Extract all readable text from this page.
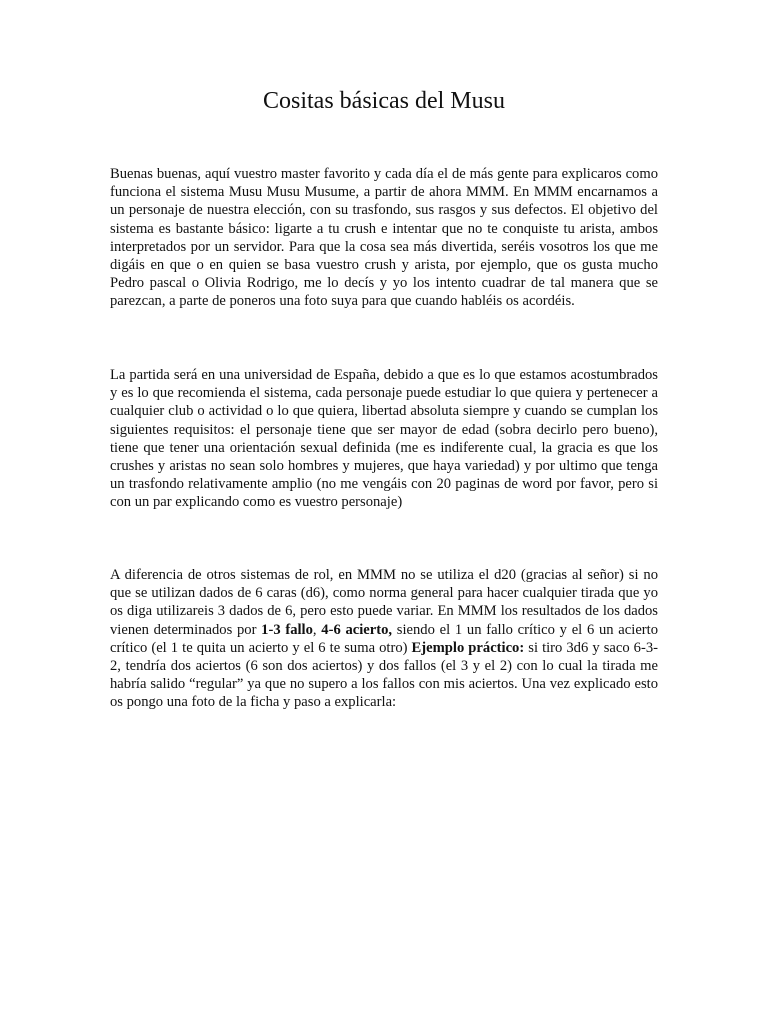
Cositas básicas del Musu

Buenas buenas, aquí vuestro master favorito y cada día el de más gente para explicaros como funciona el sistema Musu Musu Musume, a partir de ahora MMM. En MMM encarnamos a un personaje de nuestra elección, con su trasfondo, sus rasgos y sus defectos. El objetivo del sistema es bastante básico: ligarte a tu crush e intentar que no te conquiste tu arista, ambos interpretados por un servidor. Para que la cosa sea más divertida, seréis vosotros los que me digáis en que o en quien se basa vuestro crush y arista, por ejemplo, que os gusta mucho Pedro pascal o Olivia Rodrigo, me lo decís y yo los intento cuadrar de tal manera que se parezcan, a parte de poneros una foto suya para que cuando habléis os acordéis.

La partida será en una universidad de España, debido a que es lo que estamos acostumbrados y es lo que recomienda el sistema, cada personaje puede estudiar lo que quiera y pertenecer a cualquier club o actividad o lo que quiera, libertad absoluta siempre y cuando se cumplan los siguientes requisitos: el personaje tiene que ser mayor de edad (sobra decirlo pero bueno), tiene que tener una orientación sexual definida (me es indiferente cual, la gracia es que los crushes y aristas no sean solo hombres y mujeres, que haya variedad) y por ultimo que tenga un trasfondo relativamente amplio (no me vengáis con 20 paginas de word por favor, pero si con un par explicando como es vuestro personaje)

A diferencia de otros sistemas de rol, en MMM no se utiliza el d20 (gracias al señor) si no que se utilizan dados de 6 caras (d6), como norma general para hacer cualquier tirada que yo os diga utilizareis 3 dados de 6, pero esto puede variar. En MMM los resultados de los dados vienen determinados por 1-3 fallo, 4-6 acierto, siendo el 1 un fallo crítico y el 6 un acierto crítico (el 1 te quita un acierto y el 6 te suma otro) Ejemplo práctico: si tiro 3d6 y saco 6-3-2, tendría dos aciertos (6 son dos aciertos) y dos fallos (el 3 y el 2) con lo cual la tirada me habría salido “regular” ya que no supero a los fallos con mis aciertos. Una vez explicado esto os pongo una foto de la ficha y paso a explicarla:
